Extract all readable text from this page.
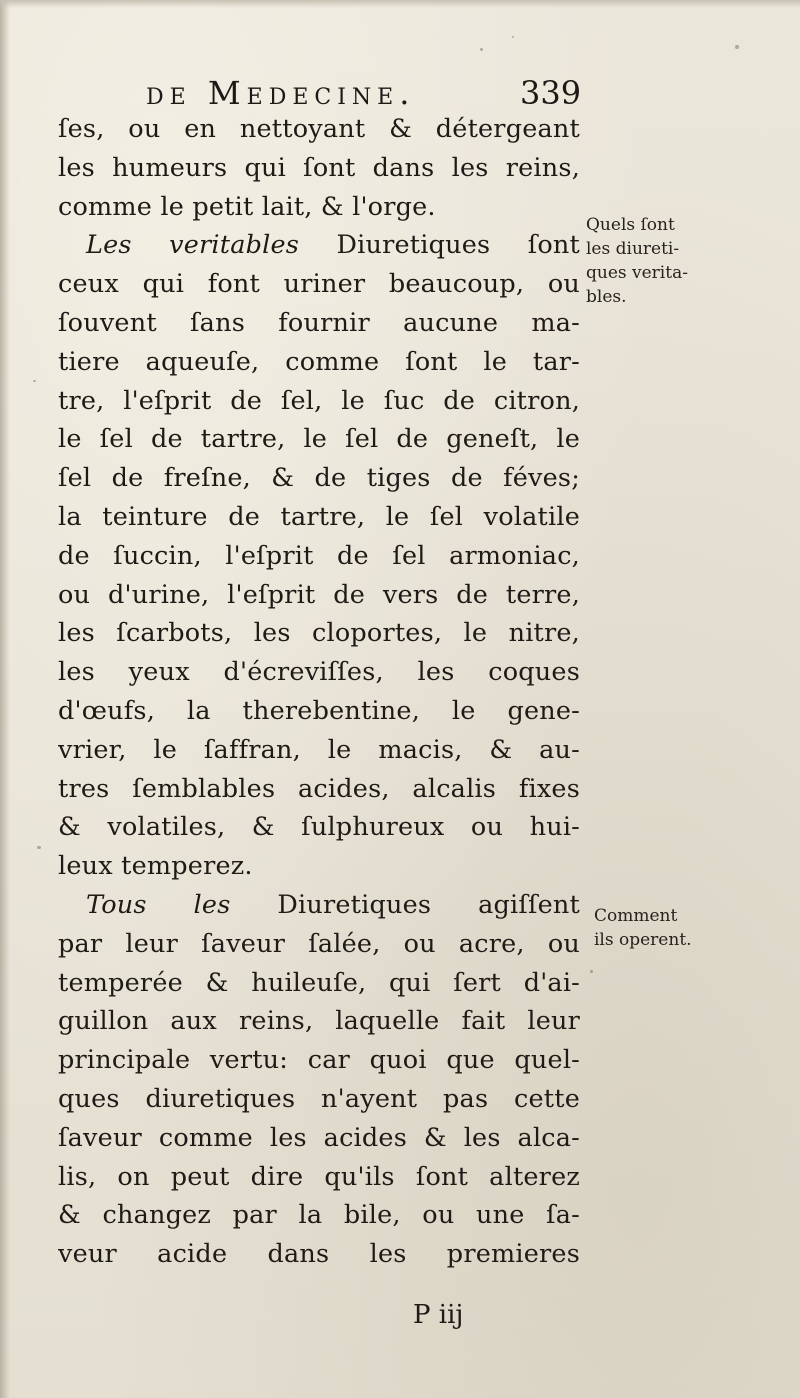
de Medecine.	339
ſes, ou en nettoyant & détergeant
les humeurs qui ſont dans les reins,
comme le petit lait, & l'orge.
Les veritables Diuretiques ſont
ceux qui font uriner beaucoup, ou
ſouvent ſans fournir aucune ma-
tiere aqueuſe, comme ſont le tar-
tre, l'eſprit de ſel, le ſuc de citron,
le ſel de tartre, le ſel de geneſt, le
ſel de freſne, & de tiges de féves;
la teinture de tartre, le ſel volatile
de ſuccin, l'eſprit de ſel armoniac,
ou d'urine, l'eſprit de vers de terre,
les ſcarbots, les cloportes, le nitre,
les yeux d'écreviſſes, les coques
d'œufs, la therebentine, le gene-
vrier, le ſaffran, le macis, & au-
tres ſemblables acides, alcalis fixes
& volatiles, & ſulphureux ou hui-
leux temperez.
Tous les Diuretiques agiſſent
par leur ſaveur ſalée, ou acre, ou
temperée & huileuſe, qui ſert d'ai-
guillon aux reins, laquelle fait leur
principale vertu: car quoi que quel-
ques diuretiques n'ayent pas cette
ſaveur comme les acides & les alca-
lis, on peut dire qu'ils ſont alterez
& changez par la bile, ou une ſa-
veur acide dans les premieres
Quels ſont
les diureti-
ques verita-
bles.
Comment
ils operent.
P iij
